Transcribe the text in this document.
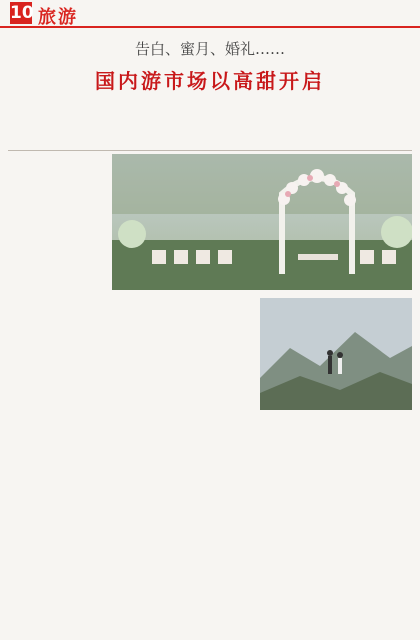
10 旅游
告白、蜜月、婚礼……
国内游市场以高甜开启
